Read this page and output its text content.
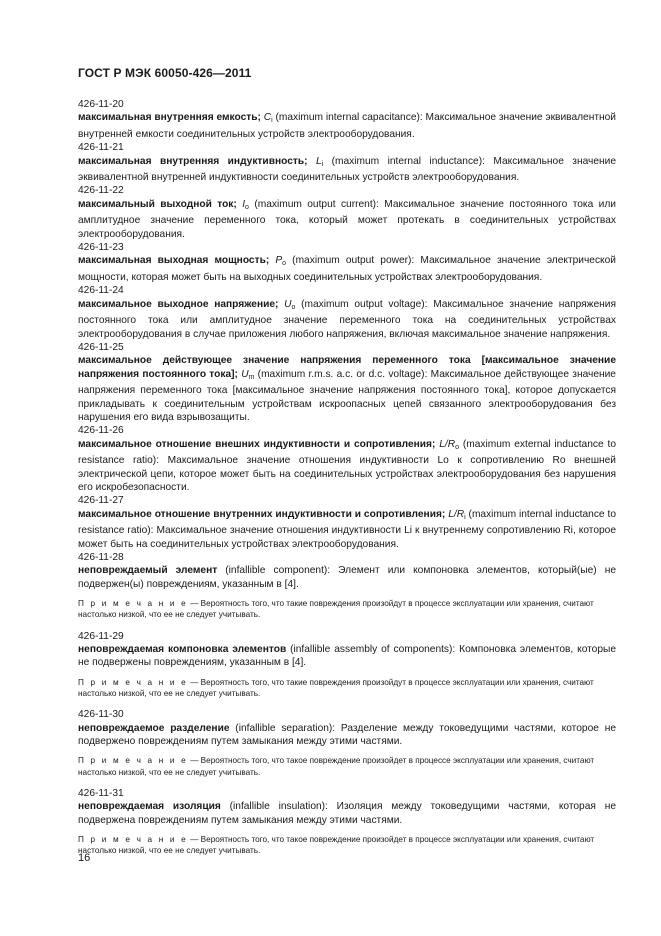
ГОСТ Р МЭК 60050-426—2011
426-11-20
максимальная внутренняя емкость; $C_i$ (maximum internal capacitance): Максимальное значение эквивалентной внутренней емкости соединительных устройств электрооборудования.
426-11-21
максимальная внутренняя индуктивность; $L_i$ (maximum internal inductance): Максимальное значение эквивалентной внутренней индуктивности соединительных устройств электрооборудования.
426-11-22
максимальный выходной ток; $I_o$ (maximum output current): Максимальное значение постоянного тока или амплитудное значение переменного тока, который может протекать в соединительных устройствах электрооборудования.
426-11-23
максимальная выходная мощность; $P_o$ (maximum output power): Максимальное значение электрической мощности, которая может быть на выходных соединительных устройствах электрооборудования.
426-11-24
максимальное выходное напряжение; $U_o$ (maximum output voltage): Максимальное значение напряжения постоянного тока или амплитудное значение переменного тока на соединительных устройствах электрооборудования в случае приложения любого напряжения, включая максимальное значение напряжения.
426-11-25
максимальное действующее значение напряжения переменного тока [максимальное значение напряжения постоянного тока]; $U_m$ (maximum r.m.s. a.c. or d.c. voltage): Максимальное действующее значение напряжения переменного тока [максимальное значение напряжения постоянного тока], которое допускается прикладывать к соединительным устройствам искроопасных цепей связанного электрооборудования без нарушения его вида взрывозащиты.
426-11-26
максимальное отношение внешних индуктивности и сопротивления; $L/R_o$ (maximum external inductance to resistance ratio): Максимальное значение отношения индуктивности Lo к сопротивлению Ro внешней электрической цепи, которое может быть на соединительных устройствах электрооборудования без нарушения его искробезопасности.
426-11-27
максимальное отношение внутренних индуктивности и сопротивления; $L/R_i$ (maximum internal inductance to resistance ratio): Максимальное значение отношения индуктивности Li к внутреннему сопротивлению Ri, которое может быть на соединительных устройствах электрооборудования.
426-11-28
неповреждаемый элемент (infallible component): Элемент или компоновка элементов, который(ые) не подвержен(ы) повреждениям, указанным в [4].
П р и м е ч а н и е — Вероятность того, что такие повреждения произойдут в процессе эксплуатации или хранения, считают настолько низкой, что ее не следует учитывать.
426-11-29
неповреждаемая компоновка элементов (infallible assembly of components): Компоновка элементов, которые не подвержены повреждениям, указанным в [4].
П р и м е ч а н и е — Вероятность того, что такие повреждения произойдут в процессе эксплуатации или хранения, считают настолько низкой, что ее не следует учитывать.
426-11-30
неповреждаемое разделение (infallible separation): Разделение между токоведущими частями, которое не подвержено повреждениям путем замыкания между этими частями.
П р и м е ч а н и е — Вероятность того, что такое повреждение произойдет в процессе эксплуатации или хранения, считают настолько низкой, что ее не следует учитывать.
426-11-31
неповреждаемая изоляция (infallible insulation): Изоляция между токоведущими частями, которая не подвержена повреждениям путем замыкания между этими частями.
П р и м е ч а н и е — Вероятность того, что такое повреждение произойдет в процессе эксплуатации или хранения, считают настолько низкой, что ее не следует учитывать.
16
